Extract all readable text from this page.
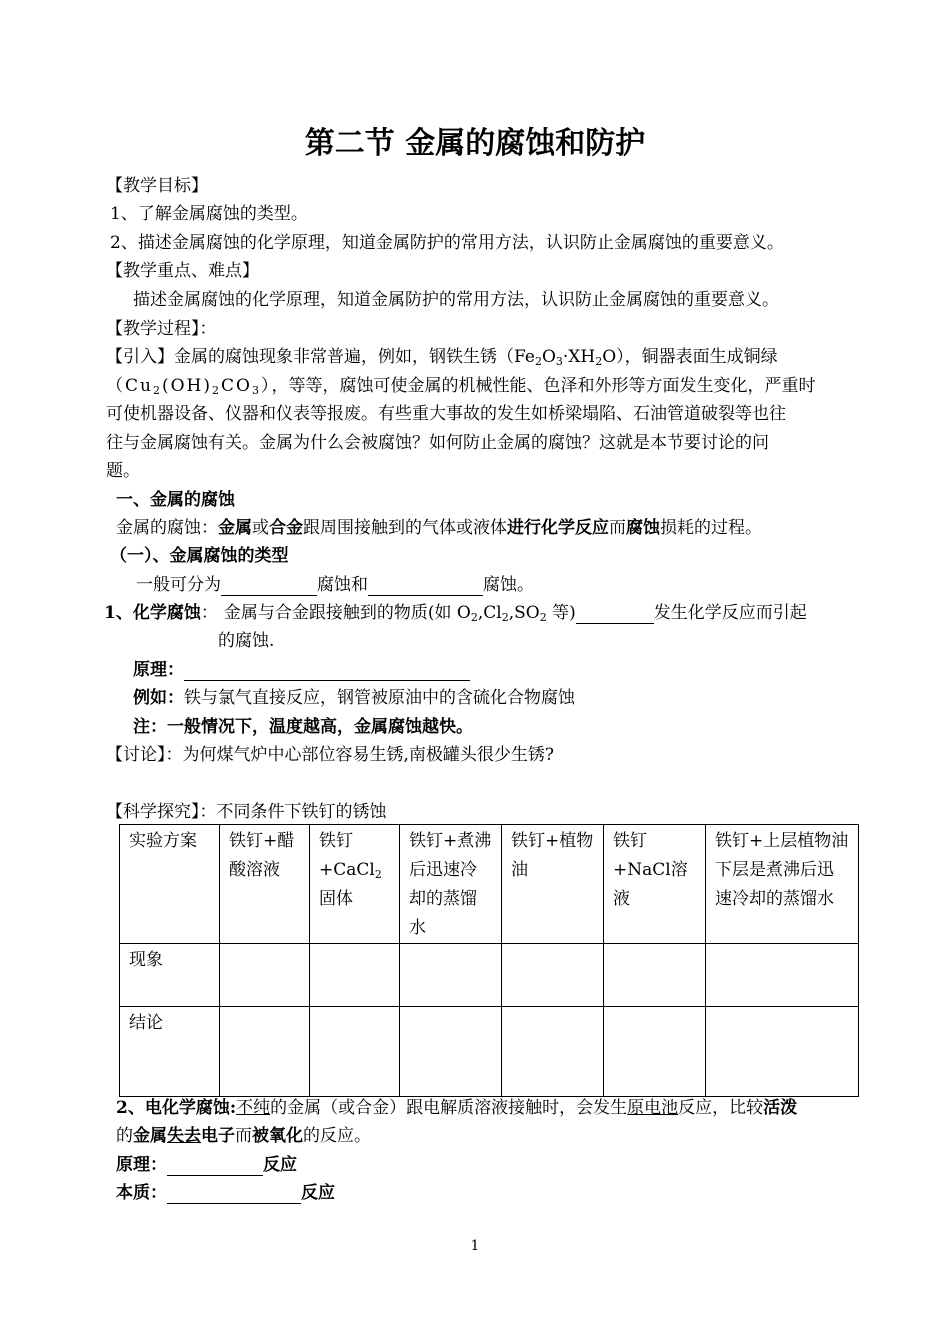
第二节 金属的腐蚀和防护
【教学目标】
1、了解金属腐蚀的类型。
2、描述金属腐蚀的化学原理，知道金属防护的常用方法，认识防止金属腐蚀的重要意义。
【教学重点、难点】
描述金属腐蚀的化学原理，知道金属防护的常用方法，认识防止金属腐蚀的重要意义。
【教学过程】：
【引入】金属的腐蚀现象非常普遍，例如，钢铁生锈$(Fe_2O_3\cdot XH_2O)$，铜器表面生成铜绿
$(Cu_2(OH)_2CO_3)$，等等，腐蚀可使金属的机械性能、色泽和外形等方面发生变化，严重时
可使机器设备、仪器和仪表等报废。有些重大事故的发生如桥梁塌陷、石油管道破裂等也往
往与金属腐蚀有关。金属为什么会被腐蚀？如何防止金属的腐蚀？这就是本节要讨论的问
题。
一、金属的腐蚀
金属的腐蚀：金属或合金跟周围接触到的气体或液体进行化学反应而腐蚀损耗的过程。
（一）、金属腐蚀的类型
一般可分为	腐蚀和	腐蚀。
1、化学腐蚀： 金属与合金跟接触到的物质(如 $O_2,Cl_2,SO_2$ 等)	发生化学反应而引起
的腐蚀.
原理：
例如：铁与氯气直接反应，钢管被原油中的含硫化合物腐蚀
注：一般情况下，温度越高，金属腐蚀越快。
【讨论】：为何煤气炉中心部位容易生锈,南极罐头很少生锈?
【科学探究】：不同条件下铁钉的锈蚀
实验方案	铁钉+醋酸溶液	铁钉
+CaCl$_2$
固体	铁钉+煮沸后迅速冷却的蒸馏水	铁钉+植物油	铁钉+NaCl溶液	铁钉+上层植物油下层是煮沸后迅速冷却的蒸馏水
现象						
结论						
2、电化学腐蚀:不纯的金属（或合金）跟电解质溶液接触时，会发生原电池反应，比较活泼
的金属失去电子而被氧化的反应。
原理：	反应
本质：	反应
1
